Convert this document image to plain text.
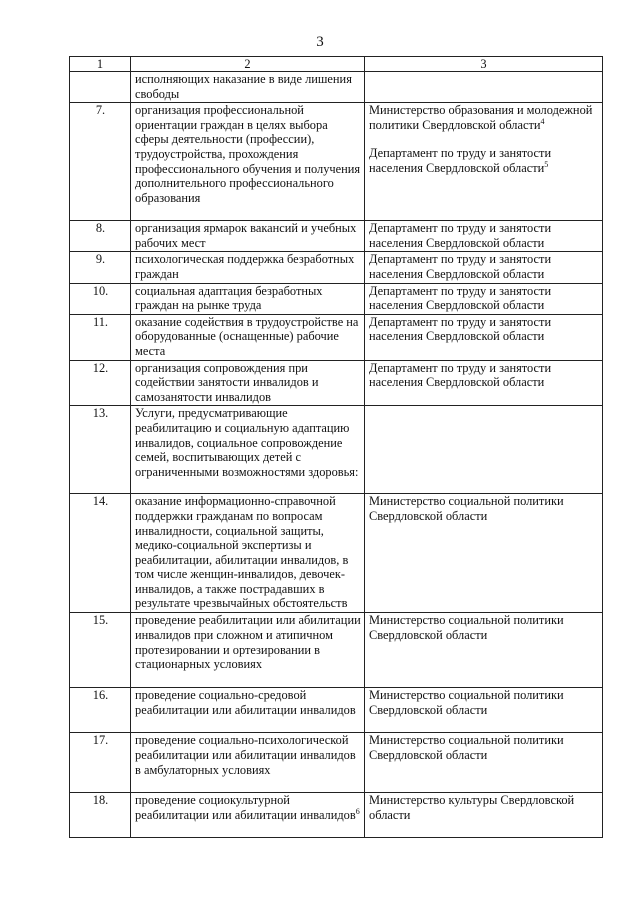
3
1	2	3
	исполняющих наказание в виде лишения свободы	
7.	организация профессиональной ориентации граждан в целях выбора сферы деятельности (профессии), трудоустройства, прохождения профессионального обучения и получения дополнительного профессионального образования	Министерство образования и молодежной политики Свердловской области$^4$
Департамент по труду и занятости населения Свердловской области$^5$

8.	организация ярмарок вакансий и учебных рабочих мест	Департамент по труду и занятости населения Свердловской области
9.	психологическая поддержка безработных граждан	Департамент по труду и занятости населения Свердловской области
10.	социальная адаптация безработных граждан на рынке труда	Департамент по труду и занятости населения Свердловской области
11.	оказание содействия в трудоустройстве на оборудованные (оснащенные) рабочие места	Департамент по труду и занятости населения Свердловской области
12.	организация сопровождения при содействии занятости инвалидов и самозанятости инвалидов	Департамент по труду и занятости населения Свердловской области
13.	Услуги, предусматривающие реабилитацию и социальную адаптацию инвалидов, социальное сопровождение семей, воспитывающих детей с ограниченными возможностями здоровья:	
14.	оказание информационно-справочной поддержки гражданам по вопросам инвалидности, социальной защиты, медико-социальной экспертизы и реабилитации, абилитации инвалидов, в том числе женщин-инвалидов, девочек-инвалидов, а также пострадавших в результате чрезвычайных обстоятельств	Министерство социальной политики Свердловской области
15.	проведение реабилитации или абилитации инвалидов при сложном и атипичном протезировании и ортезировании в стационарных условиях	Министерство социальной политики Свердловской области
16.	проведение социально-средовой реабилитации или абилитации инвалидов	Министерство социальной политики Свердловской области
17.	проведение социально-психологической реабилитации или абилитации инвалидов в амбулаторных условиях	Министерство социальной политики Свердловской области
18.	проведение социокультурной реабилитации или абилитации инвалидов$^6$	Министерство культуры Свердловской области
